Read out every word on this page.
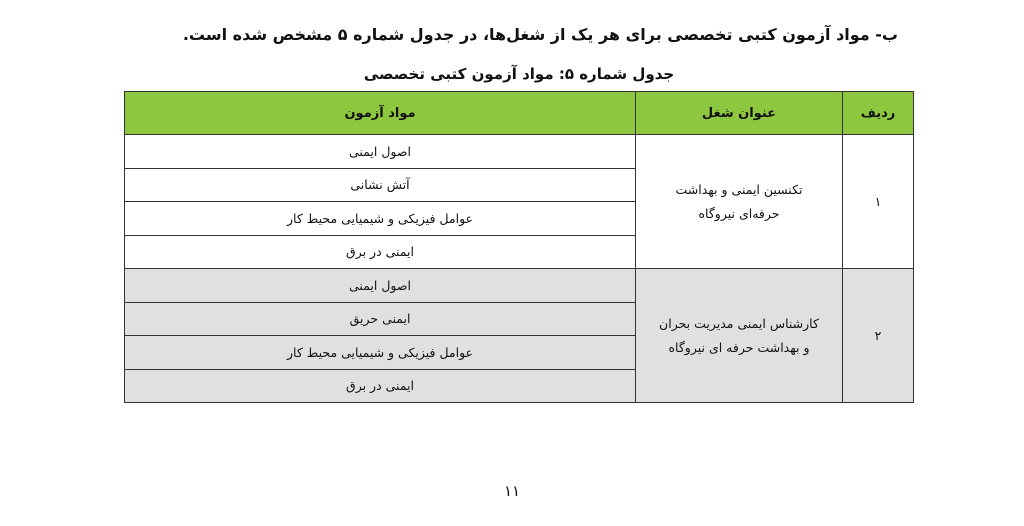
ب- مواد آزمون کتبی تخصصی برای هر یک از شغل‌ها، در جدول شماره ۵ مشخص شده است.
جدول شماره ۵: مواد آزمون کتبی تخصصی
ردیف	عنوان شغل	مواد آزمون
۱	تکنسین ایمنی و بهداشت
حرفه‌ای نیروگاه	اصول ایمنی
		آتش نشانی
		عوامل فیزیکی و شیمیایی محیط کار
		ایمنی در برق
۲	کارشناس ایمنی مدیریت بحران
و بهداشت حرفه ای نیروگاه	اصول ایمنی
		ایمنی حریق
		عوامل فیزیکی و شیمیایی محیط کار
		ایمنی در برق
۱۱
